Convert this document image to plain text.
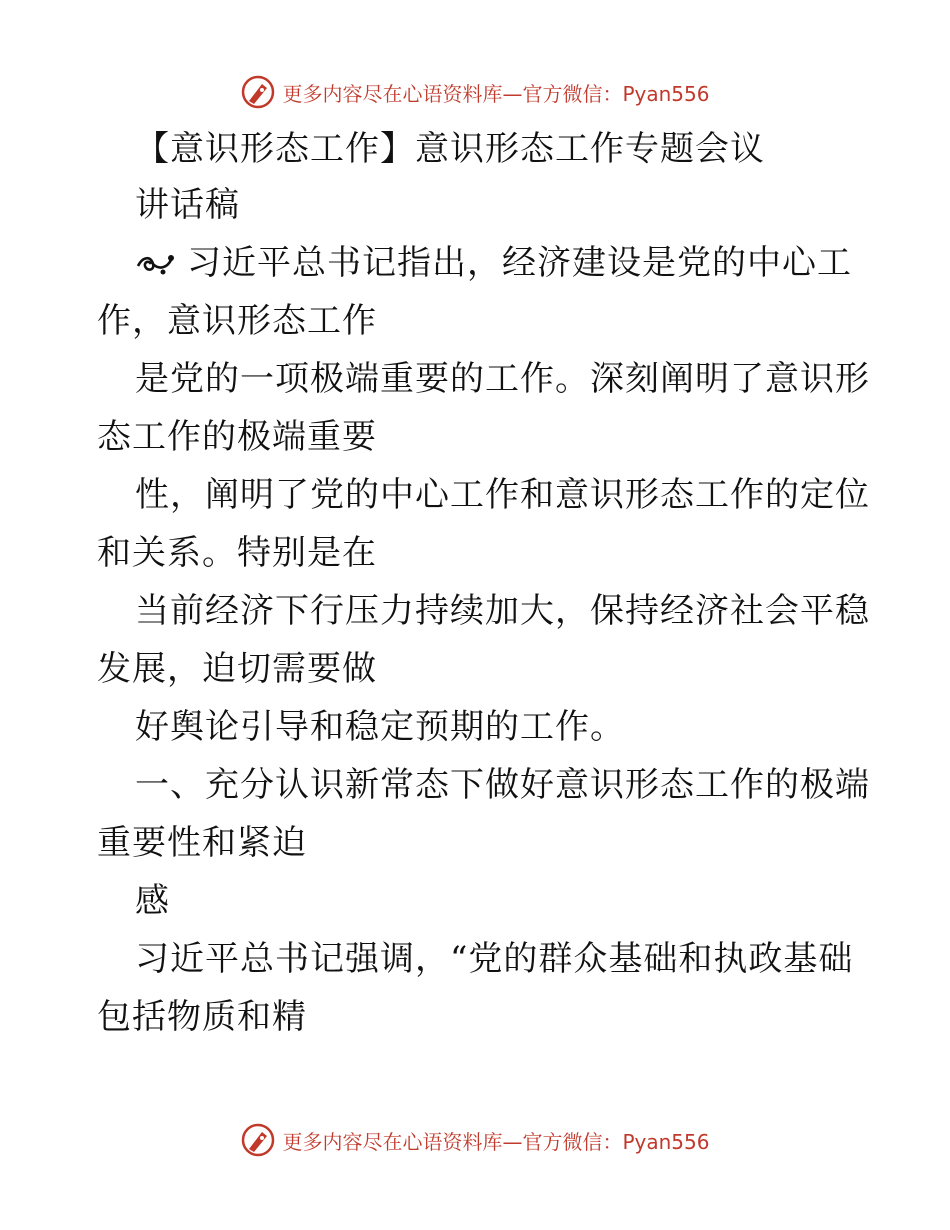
更多内容尽在心语资料库—官方微信：Pyan556
【意识形态工作】意识形态工作专题会议
讲话稿
习近平总书记指出，经济建设是党的中心工
作，意识形态工作
是党的一项极端重要的工作。深刻阐明了意识形
态工作的极端重要
性，阐明了党的中心工作和意识形态工作的定位
和关系。特别是在
当前经济下行压力持续加大，保持经济社会平稳
发展，迫切需要做
好舆论引导和稳定预期的工作。
一、充分认识新常态下做好意识形态工作的极端
重要性和紧迫
感
习近平总书记强调，“党的群众基础和执政基础
包括物质和精
更多内容尽在心语资料库—官方微信：Pyan556
